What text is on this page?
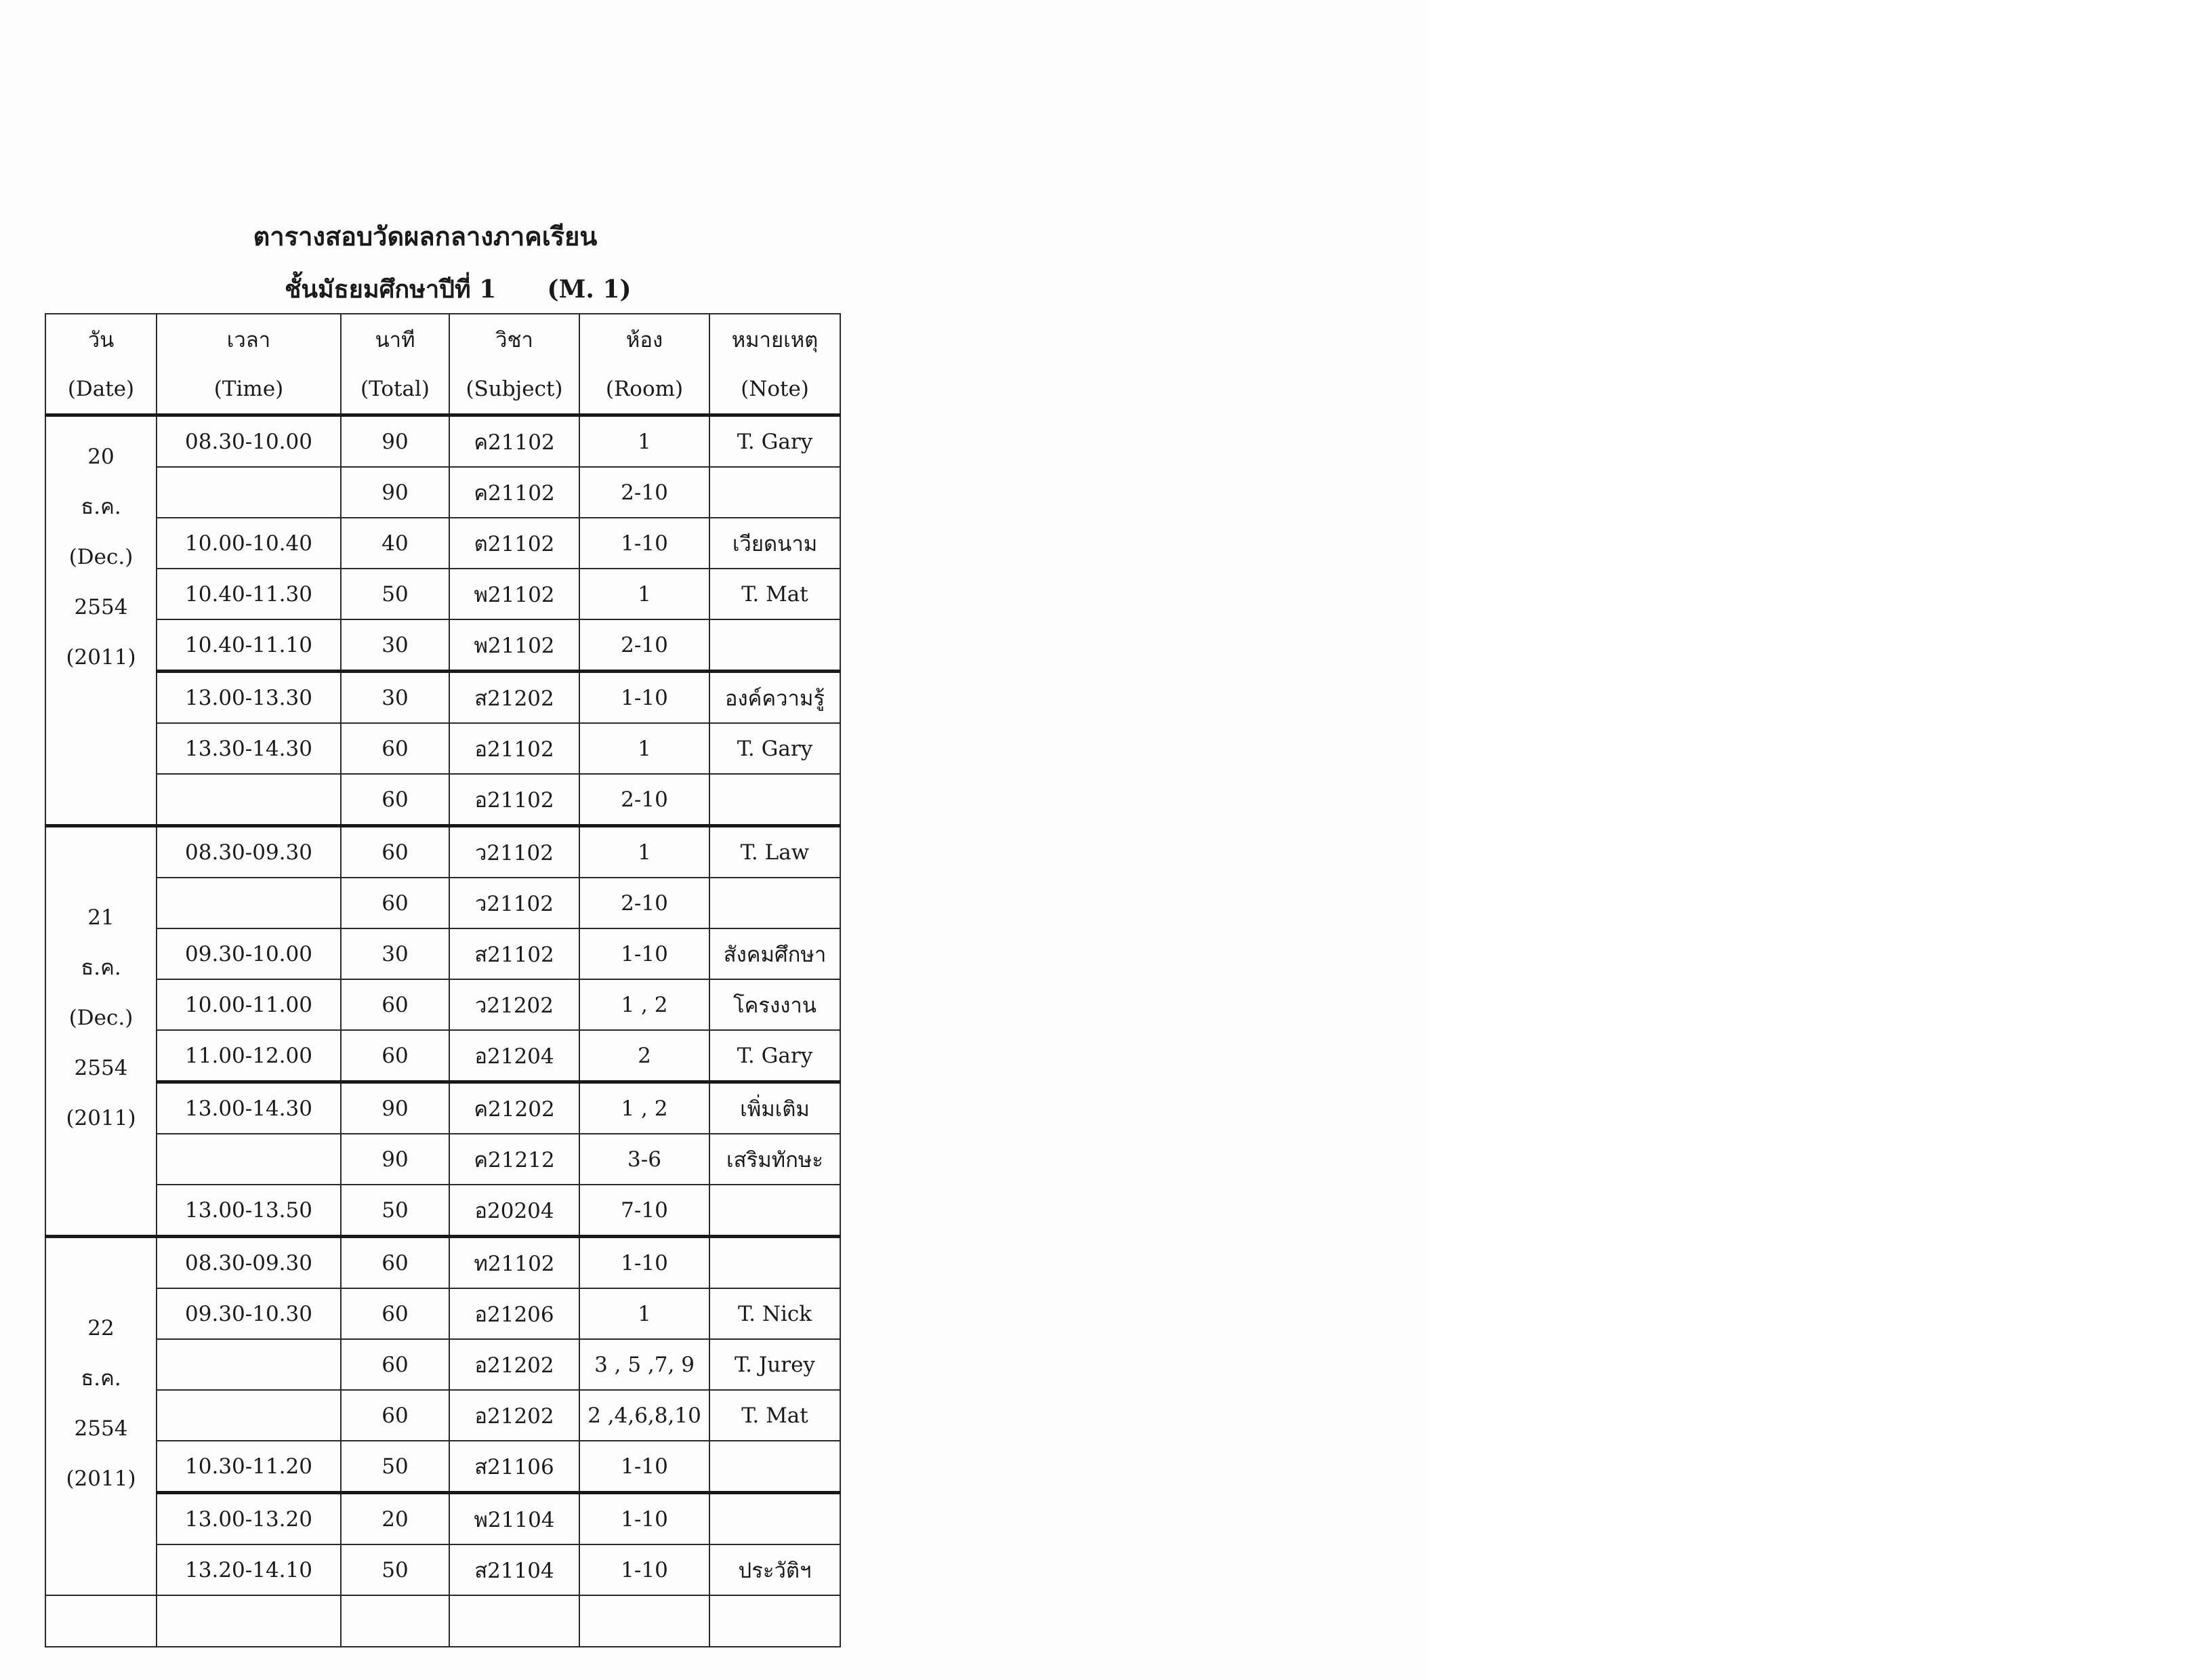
ตารางสอบวัดผลกลางภาคเรียน
ชั้นมัธยมศึกษาปีที่ 1 (M. 1)
วัน	เวลา	นาที	วิชา	ห้อง	หมายเหตุ
(Date)	(Time)	(Total)	(Subject)	(Room)	(Note)

20
ธ.ค.
(Dec.)
2554
(2011)	08.30-10.00	90	ค21102	1	T. Gary
		90	ค21102	2-10	
	10.00-10.40	40	ต21102	1-10	เวียดนาม
	10.40-11.30	50	พ21102	1	T. Mat
	10.40-11.10	30	พ21102	2-10	
	13.00-13.30	30	ส21202	1-10	องค์ความรู้
	13.30-14.30	60	อ21102	1	T. Gary
		60	อ21102	2-10	

21
ธ.ค.
(Dec.)
2554
(2011)	08.30-09.30	60	ว21102	1	T. Law
		60	ว21102	2-10	
	09.30-10.00	30	ส21102	1-10	สังคมศึกษา
	10.00-11.00	60	ว21202	1 , 2	โครงงาน
	11.00-12.00	60	อ21204	2	T. Gary
	13.00-14.30	90	ค21202	1 , 2	เพิ่มเติม
		90	ค21212	3-6	เสริมทักษะ
	13.00-13.50	50	อ20204	7-10	

22
ธ.ค.
2554
(2011)	08.30-09.30	60	ท21102	1-10	
	09.30-10.30	60	อ21206	1	T. Nick
		60	อ21202	3 , 5 ,7, 9	T. Jurey
		60	อ21202	2 ,4,6,8,10	T. Mat
	10.30-11.20	50	ส21106	1-10	
	13.00-13.20	20	พ21104	1-10	
	13.20-14.10	50	ส21104	1-10	ประวัติฯ
